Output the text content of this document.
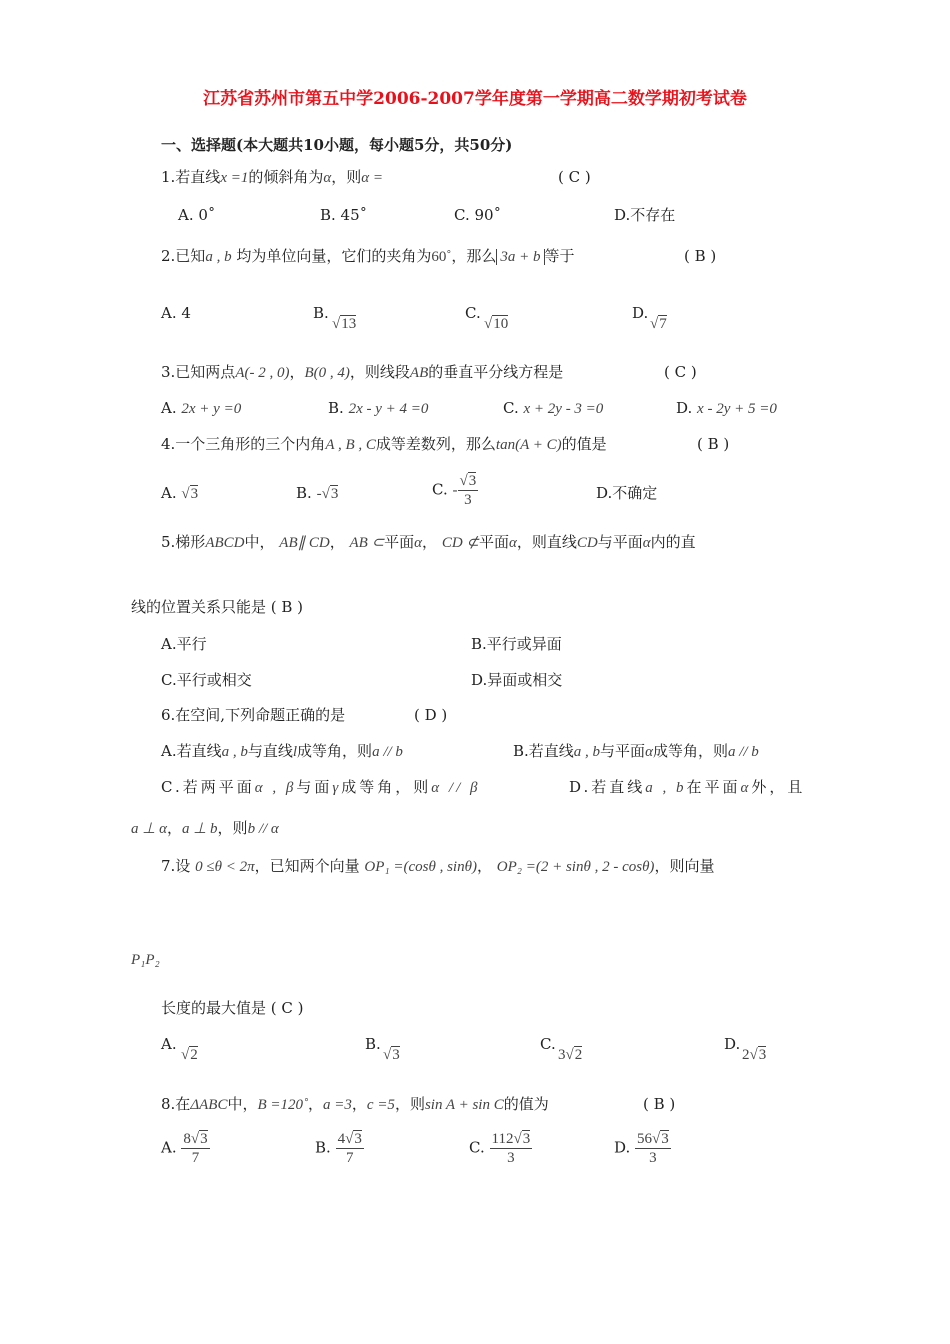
江苏省苏州市第五中学2006-2007学年度第一学期高二数学期初考试卷
一、选择题(本大题共10小题，每小题5分，共50分)
1.若直线x =1的倾斜角为α，则α =	( C )
A. 0˚	B. 45˚	C. 90˚	D.不存在
2.已知a , b 均为单位向量，它们的夹角为60˚，那么 3a + b 等于	( B )
A. 4	B.
√13
C.
√10
D.
√7
3.已知两点A(- 2 , 0)，B(0 , 4)，则线段AB的垂直平分线方程是	( C )
A. 2x + y =0	B. 2x - y + 4 =0	C. x + 2y - 3 =0	D. x - 2y + 5 =0
4.一个三角形的三个内角A , B , C成等差数列，那么tan(A + C)的值是	( B )
A. √3	B. -√3	C. - $\frac{√3}{3}$	D.不确定
5.梯形ABCD中， AB∥ CD， AB ⊂平面α， CD ⊄平面α，则直线CD与平面α内的直
线的位置关系只能是 ( B )
A.平行	B.平行或异面
C.平行或相交	D.异面或相交
6.在空间,下列命题正确的是	( D )
A.若直线a , b与直线l成等角，则a // b	B.若直线a , b与平面α成等角，则a // b
C.若两平面α , β与面γ成等角，则α // β	D.若直线a , b在平面α外，且
a ⊥ α，a ⊥ b，则b // α
7.设 0 ≤θ < 2π，已知两个向量 OP₁ =(cosθ , sinθ)， OP₂ =(2 + sinθ , 2 - cosθ)，则向量
P₁P₂
长度的最大值是 ( C )
A.
√2
B.
√3
C.
3√2
D.
2√3
8.在ΔABC中，B =120˚，a =3，c =5，则sin A + sin C的值为	( B )
A. $\frac{8√3}{7}$	B. $\frac{4√3}{7}$	C. $\frac{112√3}{3}$	D. $\frac{56√3}{3}$
